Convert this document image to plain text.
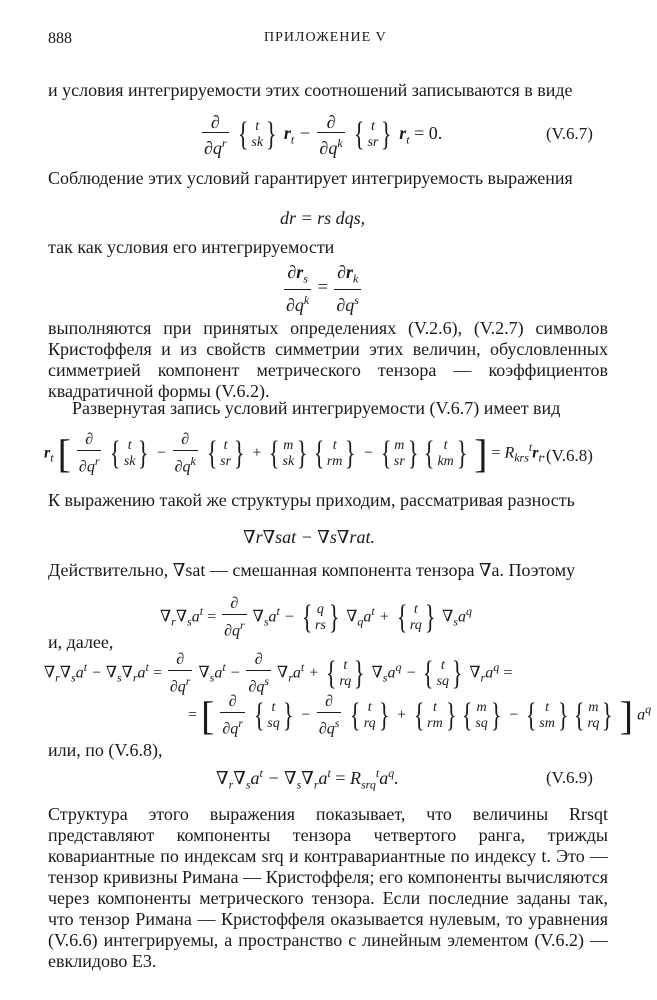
888	ПРИЛОЖЕНИЕ V
и условия интегрируемости этих соотношений записываются в виде
$\frac{\partial}{\partial q^r}$ { t
sk } $r_t - \frac{\partial}{\partial q^k}$ { t
sr } $r_t = 0$.	(V.6.7)
Соблюдение этих условий гарантирует интегрируемость выражения
dr = rs dqs,
так как условия его интегрируемости
$\frac{\partial r_s}{\partial q^k} = \frac{\partial r_k}{\partial q^s}$
выполняются при принятых определениях (V.2.6), (V.2.7) символов Кристоффеля и из свойств симметрии этих величин, обусловленных симметрией компонент метрического тензора — коэффициентов квадратичной формы (V.6.2).
Развернутая запись условий интегрируемости (V.6.7) имеет вид
$r_t$ [ $\frac{\partial}{\partial q^r}$ { t
sk } − $\frac{\partial}{\partial q^k}$ { t
sr } + { m
sk } { t
rm } − { m
sr } { t
km } ] = $R_{krs}^tr_t$. (V.6.8)
К выражению такой же структуры приходим, рассматривая разность
∇r∇sat − ∇s∇rat.
Действительно, ∇sat — смешанная компонента тензора ∇a. Поэтому
$\nabla_r\nabla_sa^t = \frac{\partial}{\partial q^r} \nabla_sa^t$ − { q
rs } $\nabla_qa^t$ + { t
rq } $\nabla_sa^q$
и, далее,
$\nabla_r\nabla_sa^t - \nabla_s\nabla_ra^t = \frac{\partial}{\partial q^r} \nabla_sa^t - \frac{\partial}{\partial q^s} \nabla_ra^t$ + { t
rq } $\nabla_sa^q$ − { t
sq } $\nabla_ra^q$ =
= [ $\frac{\partial}{\partial q^r}$ { t
sq } − $\frac{\partial}{\partial q^s}$ { t
rq } + { t
rm } { m
sq } − { t
sm } { m
rq } ] $a^q$
или, по (V.6.8),
$\nabla_r\nabla_sa^t - \nabla_s\nabla_ra^t = R_{srq}^ta^q$.	(V.6.9)
Структура этого выражения показывает, что величины Rrsqt представляют компоненты тензора четвертого ранга, трижды ковариантные по индексам srq и контравариантные по индексу t. Это — тензор кривизны Римана — Кристоффеля; его компоненты вычисляются через компоненты метрического тензора. Если последние заданы так, что тензор Римана — Кристоффеля оказывается нулевым, то уравнения (V.6.6) интегрируемы, а пространство с линейным элементом (V.6.2) — евклидово E3.
